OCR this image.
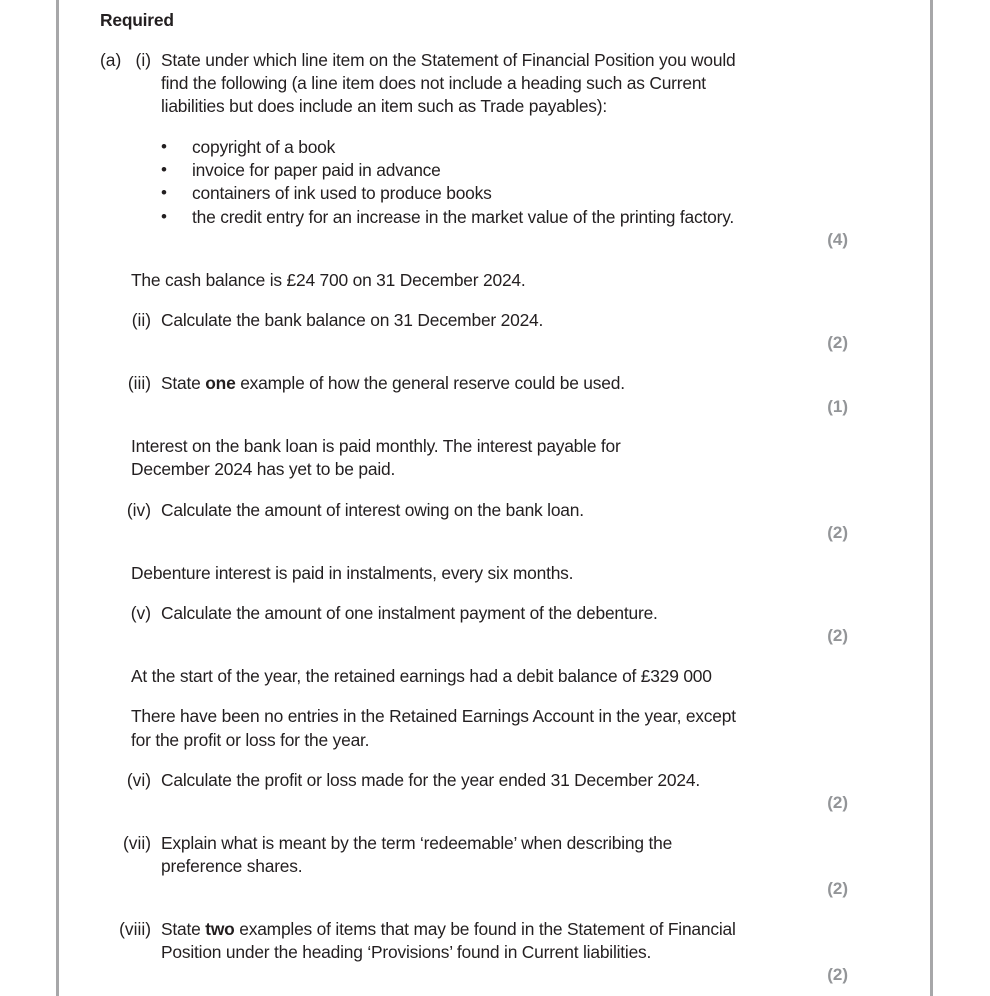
Required
(a) (i) State under which line item on the Statement of Financial Position you would
find the following (a line item does not include a heading such as Current
liabilities but does include an item such as Trade payables):
• copyright of a book
• invoice for paper paid in advance
• containers of ink used to produce books
• the credit entry for an increase in the market value of the printing factory.
(4)
The cash balance is £24 700 on 31 December 2024.
(ii) Calculate the bank balance on 31 December 2024.
(2)
(iii) State one example of how the general reserve could be used.
(1)
Interest on the bank loan is paid monthly. The interest payable for
December 2024 has yet to be paid.
(iv) Calculate the amount of interest owing on the bank loan.
(2)
Debenture interest is paid in instalments, every six months.
(v) Calculate the amount of one instalment payment of the debenture.
(2)
At the start of the year, the retained earnings had a debit balance of £329 000
There have been no entries in the Retained Earnings Account in the year, except
for the profit or loss for the year.
(vi) Calculate the profit or loss made for the year ended 31 December 2024.
(2)
(vii) Explain what is meant by the term ‘redeemable’ when describing the
preference shares.
(2)
(viii) State two examples of items that may be found in the Statement of Financial
Position under the heading ‘Provisions’ found in Current liabilities.
(2)
